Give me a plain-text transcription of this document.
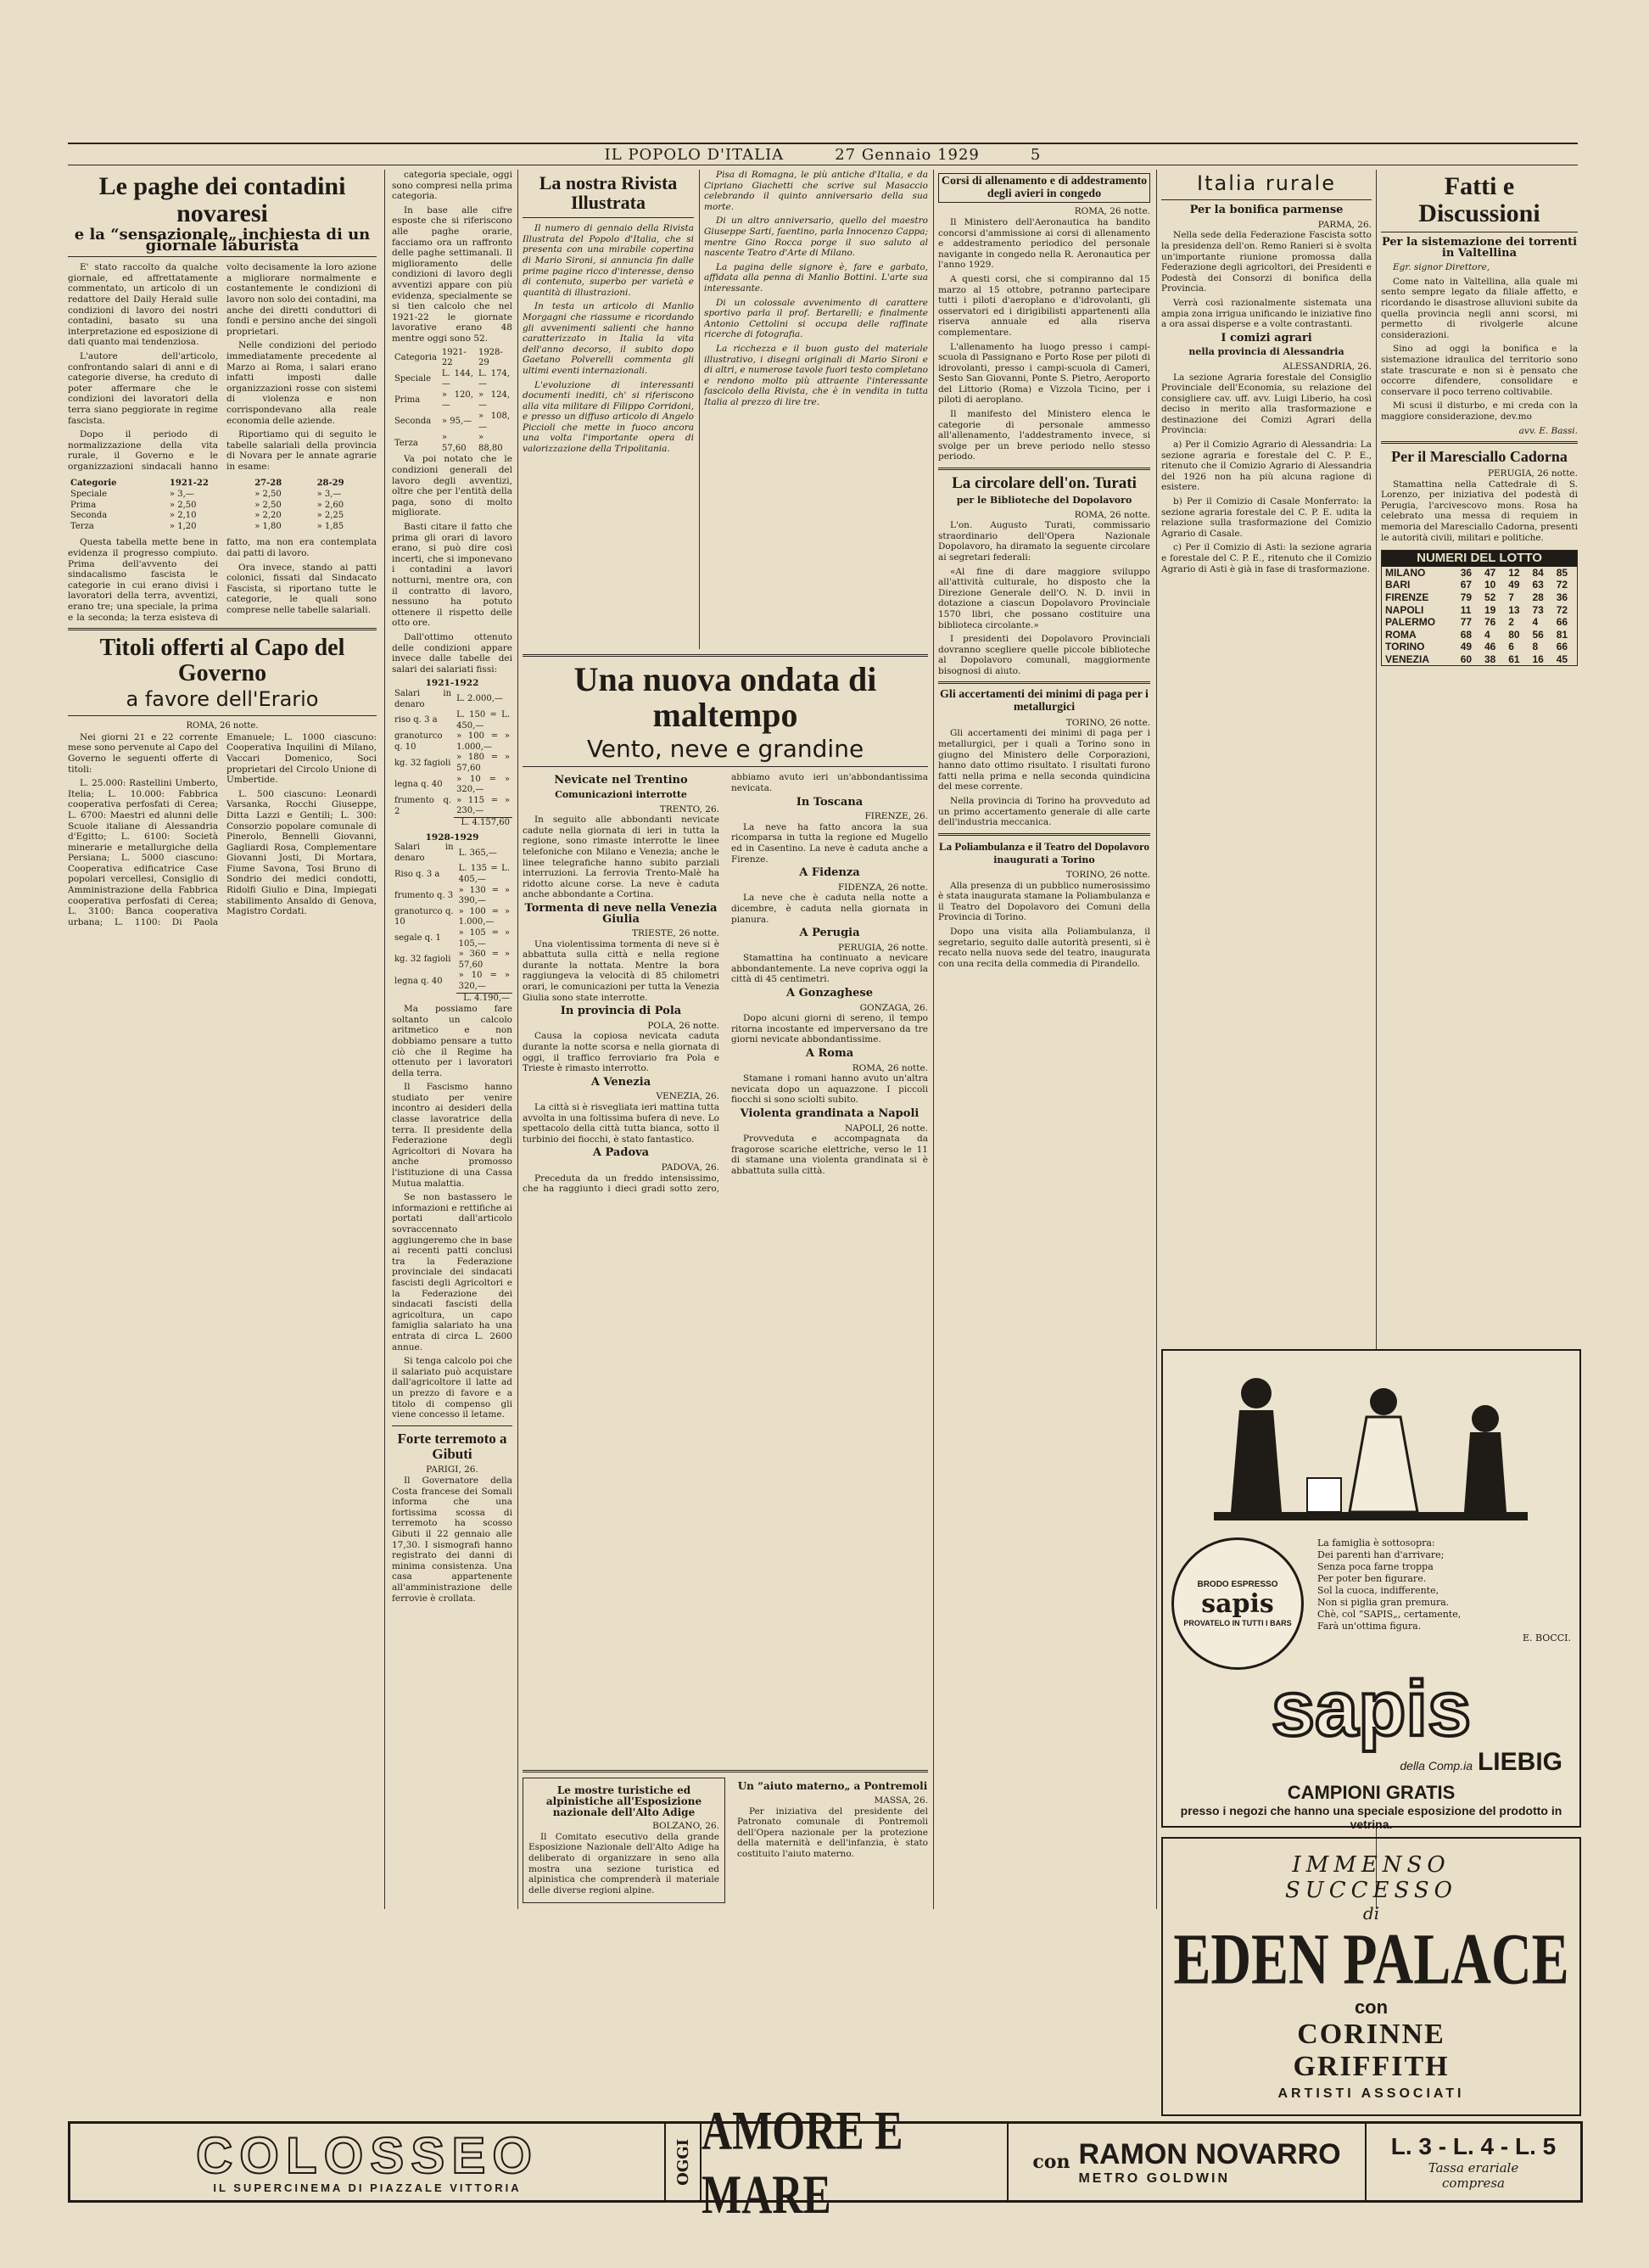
IL POPOLO D'ITALIA	27 Gennaio 1929	5
Le paghe dei contadini novaresi
e la “sensazionale„ inchiesta di un giornale laburista

E' stato raccolto da qualche giornale, ed affrettatamente commentato, un articolo di un redattore del Daily Herald sulle condizioni di lavoro dei nostri contadini, basato su una interpretazione ed esposizione di dati quanto mai tendenziosa.

L'autore dell'articolo, confrontando salari di anni e di categorie diverse, ha creduto di poter affermare che le condizioni dei lavoratori della terra siano peggiorate in regime fascista.

Dopo il periodo di normalizzazione della vita rurale, il Governo e le organizzazioni sindacali hanno volto decisamente la loro azione a migliorare normalmente e costantemente le condizioni di lavoro non solo dei contadini, ma anche dei diretti conduttori di fondi e persino anche dei singoli proprietari.

Nelle condizioni del periodo immediatamente precedente al Marzo ai Roma, i salari erano infatti imposti dalle organizzazioni rosse con sistemi di violenza e non corrispondevano alla reale economia delle aziende.

Riportiamo qui di seguito le tabelle salariali della provincia di Novara per le annate agrarie in esame:

Categorie	1921-22	27-28	28-29
Speciale	» 3,—	» 2,50	» 3,—
Prima	» 2,50	» 2,50	» 2,60
Seconda	» 2,10	» 2,20	» 2,25
Terza	» 1,20	» 1,80	» 1,85

Questa tabella mette bene in evidenza il progresso compiuto. Prima dell'avvento dei sindacalismo fascista le categorie in cui erano divisi i lavoratori della terra, avventizi, erano tre; una speciale, la prima e la seconda; la terza esisteva di fatto, ma non era contemplata dai patti di lavoro.

Ora invece, stando ai patti colonici, fissati dal Sindacato Fascista, si riportano tutte le categorie, le quali sono comprese nelle tabelle salariali.

Titoli offerti al Capo del Governo
a favore dell'Erario
ROMA, 26 notte.

Nei giorni 21 e 22 corrente mese sono pervenute al Capo del Governo le seguenti offerte di titoli:

L. 25.000: Rastellini Umberto, Itelia; L. 10.000: Fabbrica cooperativa perfosfati di Cerea; L. 6700: Maestri ed alunni delle Scuole italiane di Alessandria d'Egitto; L. 6100: Società minerarie e metallurgiche della Persiana; L. 5000 ciascuno: Cooperativa edificatrice Case popolari vercellesi, Consiglio di Amministrazione della Fabbrica cooperativa perfosfati di Cerea; L. 3100: Banca cooperativa urbana; L. 1100: Di Paola Emanuele; L. 1000 ciascuno: Cooperativa Inquilini di Milano, Vaccari Domenico, Soci proprietari del Circolo Unione di Umbertide.

L. 500 ciascuno: Leonardi Varsanka, Rocchi Giuseppe, Ditta Lazzi e Gentili; L. 300: Consorzio popolare comunale di Pinerolo, Bennelli Giovanni, Gagliardi Rosa, Complementare Giovanni Josti, Di Mortara, Fiume Savona, Tosi Bruno di Sondrio dei medici condotti, Ridolfi Giulio e Dina, Impiegati stabilimento Ansaldo di Genova, Magistro Cordati.

categoria speciale, oggi sono compresi nella prima categoria.

In base alle cifre esposte che si riferiscono alle paghe orarie, facciamo ora un raffronto delle paghe settimanali. Il miglioramento delle condizioni di lavoro degli avventizi appare con più evidenza, specialmente se si tien calcolo che nel 1921-22 le giornate lavorative erano 48 mentre oggi sono 52.

Categoria	1921-22	1928-29
Speciale	L. 144,—	L. 174,—
Prima	» 120,—	» 124,—
Seconda	» 95,—	» 108,—
Terza	» 57,60	» 88,80

Va poi notato che le condizioni generali del lavoro degli avventizi, oltre che per l'entità della paga, sono di molto migliorate.

Basti citare il fatto che prima gli orari di lavoro erano, si può dire così incerti, che si imponevano i contadini a lavori notturni, mentre ora, con il contratto di lavoro, nessuno ha potuto ottenere il rispetto delle otto ore.

Dall'ottimo ottenuto delle condizioni appare invece dalle tabelle dei salari dei salariati fissi:

1921-1922
Salari in denaro	L. 2.000,—
riso q. 3 a	L. 150 = L. 450,—
granoturco q. 10	» 100 = » 1.000,—
kg. 32 fagioli	» 180 = » 57,60
legna q. 40	» 10 = » 320,—
frumento q. 2	» 115 = » 230,—
	L. 4.157,60
1928-1929
Salari in denaro	L. 365,—
Riso q. 3 a	L. 135 = L. 405,—
frumento q. 3	» 130 = » 390,—
granoturco q. 10	» 100 = » 1.000,—
segale q. 1	» 105 = » 105,—
kg. 32 fagioli	» 360 = » 57,60
legna q. 40	» 10 = » 320,—
	L. 4.190,—

Ma possiamo fare soltanto un calcolo aritmetico e non dobbiamo pensare a tutto ciò che il Regime ha ottenuto per i lavoratori della terra.

Il Fascismo hanno studiato per venire incontro ai desideri della classe lavoratrice della terra. Il presidente della Federazione degli Agricoltori di Novara ha anche promosso l'istituzione di una Cassa Mutua malattia.

Se non bastassero le informazioni e rettifiche ai portati dall'articolo sovraccennato aggiungeremo che in base ai recenti patti conclusi tra la Federazione provinciale dei sindacati fascisti degli Agricoltori e la Federazione dei sindacati fascisti della agricoltura, un capo famiglia salariato ha una entrata di circa L. 2600 annue.

Si tenga calcolo poi che il salariato può acquistare dall'agricoltore il latte ad un prezzo di favore e a titolo di compenso gli viene concesso il letame.

Forte terremoto a Gibuti
PARIGI, 26.

Il Governatore della Costa francese dei Somali informa che una fortissima scossa di terremoto ha scosso Gibuti il 22 gennaio alle 17,30. I sismografi hanno registrato dei danni di minima consistenza. Una casa appartenente all'amministrazione delle ferrovie è crollata.

La nostra Rivista Illustrata

Il numero di gennaio della Rivista Illustrata del Popolo d'Italia, che si presenta con una mirabile copertina di Mario Sironi, si annuncia fin dalle prime pagine ricco d'interesse, denso di contenuto, superbo per varietà e quantità di illustrazioni.

In testa un articolo di Manlio Morgagni che riassume e ricordando gli avvenimenti salienti che hanno caratterizzato in Italia la vita dell'anno decorso, il subito dopo Gaetano Polverelli commenta gli ultimi eventi internazionali.

L'evoluzione di interessanti documenti inediti, ch' si riferiscono alla vita militare di Filippo Corridoni, e presso un diffuso articolo di Angelo Piccioli che mette in fuoco ancora una volta l'importante opera di valorizzazione della Tripolitania.

Pisa di Romagna, le più antiche d'Italia, e da Cipriano Giachetti che scrive sul Masaccio celebrando il quinto anniversario della sua morte.

Di un altro anniversario, quello del maestro Giuseppe Sarti, faentino, parla Innocenzo Cappa; mentre Gino Rocca porge il suo saluto al nascente Teatro d'Arte di Milano.

La pagina delle signore è, fare e garbato, affidata alla penna di Manlio Bottini. L'arte sua interessante.

Di un colossale avvenimento di carattere sportivo parla il prof. Bertarelli; e finalmente Antonio Cettolini si occupa delle raffinate ricerche di fotografia.

La ricchezza e il buon gusto del materiale illustrativo, i disegni originali di Mario Sironi e di altri, e numerose tavole fuori testo completano e rendono molto più attraente l'interessante fascicolo della Rivista, che è in vendita in tutta Italia al prezzo di lire tre.

Una nuova ondata di maltempo
Vento, neve e grandine
Nevicate nel Trentino
Comunicazioni interrotte
TRENTO, 26.

In seguito alle abbondanti nevicate cadute nella giornata di ieri in tutta la regione, sono rimaste interrotte le linee telefoniche con Milano e Venezia; anche le linee telegrafiche hanno subito parziali interruzioni. La ferrovia Trento-Malè ha ridotto alcune corse. La neve è caduta anche abbondante a Cortina.

Tormenta di neve nella Venezia Giulia
TRIESTE, 26 notte.

Una violentissima tormenta di neve si è abbattuta sulla città e nella regione durante la nottata. Mentre la bora raggiungeva la velocità di 85 chilometri orari, le comunicazioni per tutta la Venezia Giulia sono state interrotte.

In provincia di Pola
POLA, 26 notte.

Causa la copiosa nevicata caduta durante la notte scorsa e nella giornata di oggi, il traffico ferroviario fra Pola e Trieste è rimasto interrotto.

A Venezia
VENEZIA, 26.

La città si è risvegliata ieri mattina tutta avvolta in una foltissima bufera di neve. Lo spettacolo della città tutta bianca, sotto il turbinio dei fiocchi, è stato fantastico.

A Padova
PADOVA, 26.

Preceduta da un freddo intensissimo, che ha raggiunto i dieci gradi sotto zero, abbiamo avuto ieri un'abbondantissima nevicata.

In Toscana
FIRENZE, 26.

La neve ha fatto ancora la sua ricomparsa in tutta la regione ed Mugello ed in Casentino. La neve è caduta anche a Firenze.

A Fidenza
FIDENZA, 26 notte.

La neve che è caduta nella notte a dicembre, è caduta nella giornata in pianura.

A Perugia
PERUGIA, 26 notte.

Stamattina ha continuato a nevicare abbondantemente. La neve copriva oggi la città di 45 centimetri.

A Gonzaghese
GONZAGA, 26.

Dopo alcuni giorni di sereno, il tempo ritorna incostante ed imperversano da tre giorni nevicate abbondantissime.

A Roma
ROMA, 26 notte.

Stamane i romani hanno avuto un'altra nevicata dopo un aquazzone. I piccoli fiocchi si sono sciolti subito.

Violenta grandinata a Napoli
NAPOLI, 26 notte.

Provveduta e accompagnata da fragorose scariche elettriche, verso le 11 di stamane una violenta grandinata si è abbattuta sulla città.

Le mostre turistiche ed alpinistiche all'Esposizione nazionale dell'Alto Adige
BOLZANO, 26.

Il Comitato esecutivo della grande Esposizione Nazionale dell'Alto Adige ha deliberato di organizzare in seno alla mostra una sezione turistica ed alpinistica che comprenderà il materiale delle diverse regioni alpine.

Un “aiuto materno„ a Pontremoli
MASSA, 26.

Per iniziativa del presidente del Patronato comunale di Pontremoli dell'Opera nazionale per la protezione della maternità e dell'infanzia, è stato costituito l'aiuto materno.

Corsi di allenamento e di addestramento degli avieri in congedo
ROMA, 26 notte.

Il Ministero dell'Aeronautica ha bandito concorsi d'ammissione ai corsi di allenamento e addestramento periodico del personale navigante in congedo nella R. Aeronautica per l'anno 1929.

A questi corsi, che si compiranno dal 15 marzo al 15 ottobre, potranno partecipare tutti i piloti d'aeroplano e d'idrovolanti, gli osservatori ed i dirigibilisti appartenenti alla riserva annuale ed alla riserva complementare.

L'allenamento ha luogo presso i campi-scuola di Passignano e Porto Rose per piloti di idrovolanti, presso i campi-scuola di Cameri, Sesto San Giovanni, Ponte S. Pietro, Aeroporto del Littorio (Roma) e Vizzola Ticino, per i piloti di aeroplano.

Il manifesto del Ministero elenca le categorie di personale ammesso all'allenamento, l'addestramento invece, si svolge per un breve periodo nello stesso periodo.

La circolare dell'on. Turati
per le Biblioteche del Dopolavoro
ROMA, 26 notte.

L'on. Augusto Turati, commissario straordinario dell'Opera Nazionale Dopolavoro, ha diramato la seguente circolare ai segretari federali:

«Al fine di dare maggiore sviluppo all'attività culturale, ho disposto che la Direzione Generale dell'O. N. D. invii in dotazione a ciascun Dopolavoro Provinciale 1570 libri, che possano costituire una biblioteca circolante.»

I presidenti dei Dopolavoro Provinciali dovranno scegliere quelle piccole biblioteche al Dopolavoro comunali, maggiormente bisognosi di aiuto.

Gli accertamenti dei minimi di paga per i metallurgici
TORINO, 26 notte.

Gli accertamenti dei minimi di paga per i metallurgici, per i quali a Torino sono in giugno del Ministero delle Corporazioni, hanno dato ottimo risultato. I risultati furono fatti nella prima e nella seconda quindicina del mese corrente.

Nella provincia di Torino ha provveduto ad un primo accertamento generale di alle carte dell'industria meccanica.

La Poliambulanza e il Teatro del Dopolavoro
inaugurati a Torino
TORINO, 26 notte.

Alla presenza di un pubblico numerosissimo è stata inaugurata stamane la Poliambulanza e il Teatro del Dopolavoro dei Comuni della Provincia di Torino.

Dopo una visita alla Poliambulanza, il segretario, seguito dalle autorità presenti, si è recato nella nuova sede del teatro, inaugurata con una recita della commedia di Pirandello.

Italia rurale
Per la bonifica parmense
PARMA, 26.

Nella sede della Federazione Fascista sotto la presidenza dell'on. Remo Ranieri si è svolta un'importante riunione promossa dalla Federazione degli agricoltori, dei Presidenti e Podestà dei Consorzi di bonifica della Provincia.

Verrà così razionalmente sistemata una ampia zona irrigua unificando le iniziative fino a ora assai disperse e a volte contrastanti.

I comizi agrari
nella provincia di Alessandria
ALESSANDRIA, 26.

La sezione Agraria forestale del Consiglio Provinciale dell'Economia, su relazione del consigliere cav. uff. avv. Luigi Liberio, ha così deciso in merito alla trasformazione e destinazione dei Comizi Agrari della Provincia:

a) Per il Comizio Agrario di Alessandria: La sezione agraria e forestale del C. P. E., ritenuto che il Comizio Agrario di Alessandria del 1926 non ha più alcuna ragione di esistere.

b) Per il Comizio di Casale Monferrato: la sezione agraria forestale del C. P. E. udita la relazione sulla trasformazione del Comizio Agrario di Casale.

c) Per il Comizio di Asti: la sezione agraria e forestale del C. P. E., ritenuto che il Comizio Agrario di Asti è già in fase di trasformazione.

Fatti e Discussioni
Per la sistemazione dei torrenti in Valtellina

Egr. signor Direttore,

Come nato in Valtellina, alla quale mi sento sempre legato da filiale affetto, e ricordando le disastrose alluvioni subite da quella provincia negli anni scorsi, mi permetto di rivolgerle alcune considerazioni.

Sino ad oggi la bonifica e la sistemazione idraulica del territorio sono state trascurate e non si è pensato che occorre difendere, consolidare e conservare il poco terreno coltivabile.

Mi scusi il disturbo, e mi creda con la maggiore considerazione, dev.mo

avv. E. Bassi.
Per il Maresciallo Cadorna
PERUGIA, 26 notte.

Stamattina nella Cattedrale di S. Lorenzo, per iniziativa del podestà di Perugia, l'arcivescovo mons. Rosa ha celebrato una messa di requiem in memoria del Maresciallo Cadorna, presenti le autorità civili, militari e politiche.

NUMERI DEL LOTTO
MILANO	36	47	12	84	85
BARI	67	10	49	63	72
FIRENZE	79	52	7	28	36
NAPOLI	11	19	13	73	72
PALERMO	77	76	2	4	66
ROMA	68	4	80	56	81
TORINO	49	46	6	8	66
VENEZIA	60	38	61	16	45
BRODO ESPRESSO
sapis
PROVATELO IN TUTTI I BARS
La famiglia è sottosopra:
Dei parenti han d'arrivare;
Senza poca farne troppa
Per poter ben figurare.
Sol la cuoca, indifferente,
Non si piglia gran premura.
Chè, col “SAPIS„, certamente,
Farà un'ottima figura.
E. BOCCI.
sapis
della Comp.ia LIEBIG
CAMPIONI GRATIS
presso i negozi che hanno una speciale esposizione del prodotto in vetrina.
IMMENSO
SUCCESSO
di
EDEN PALACE
con
CORINNE
GRIFFITH
ARTISTI ASSOCIATI
COLOSSEO
IL SUPERCINEMA DI PIAZZALE VITTORIA
OGGI
AMORE E MARE
con RAMON NOVARRO
METRO GOLDWIN
L. 3 - L. 4 - L. 5
Tassa erariale
compresa
